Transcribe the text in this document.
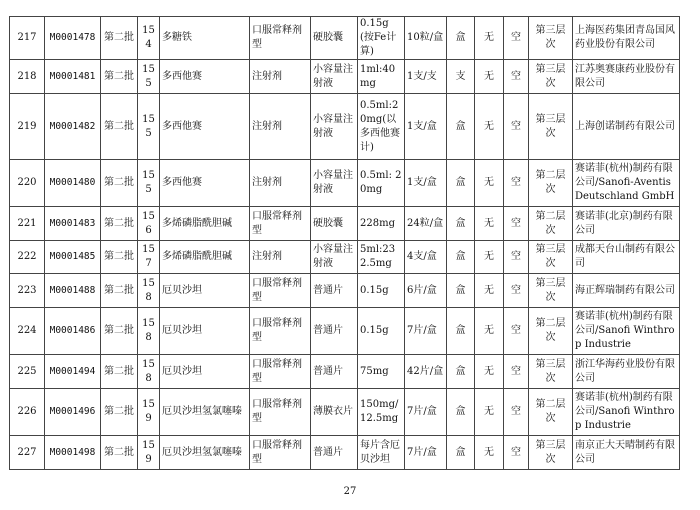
217	M0001478	第二批	154	多糖铁	口服常释剂型	硬胶囊	0.15g(按Fe计算)	10粒/盒	盒	无	空	第三层次	上海医药集团青岛国风药业股份有限公司
218	M0001481	第二批	155	多西他赛	注射剂	小容量注射液	1ml:40mg	1支/支	支	无	空	第三层次	江苏奥赛康药业股份有限公司
219	M0001482	第二批	155	多西他赛	注射剂	小容量注射液	0.5ml:20mg(以多西他赛计)	1支/盒	盒	无	空	第三层次	上海创诺制药有限公司
220	M0001480	第二批	155	多西他赛	注射剂	小容量注射液	0.5ml: 20mg	1支/盒	盒	无	空	第二层次	赛诺菲(杭州)制药有限公司/Sanofi-Aventis Deutschland GmbH
221	M0001483	第二批	156	多烯磷脂酰胆碱	口服常释剂型	硬胶囊	228mg	24粒/盒	盒	无	空	第二层次	赛诺菲(北京)制药有限公司
222	M0001485	第二批	157	多烯磷脂酰胆碱	注射剂	小容量注射液	5ml:232.5mg	4支/盒	盒	无	空	第三层次	成都天台山制药有限公司
223	M0001488	第二批	158	厄贝沙坦	口服常释剂型	普通片	0.15g	6片/盒	盒	无	空	第三层次	海正辉瑞制药有限公司
224	M0001486	第二批	158	厄贝沙坦	口服常释剂型	普通片	0.15g	7片/盒	盒	无	空	第二层次	赛诺菲(杭州)制药有限公司/Sanofi Winthrop Industrie
225	M0001494	第二批	158	厄贝沙坦	口服常释剂型	普通片	75mg	42片/盒	盒	无	空	第三层次	浙江华海药业股份有限公司
226	M0001496	第二批	159	厄贝沙坦氢氯噻嗪	口服常释剂型	薄膜衣片	150mg/12.5mg	7片/盒	盒	无	空	第二层次	赛诺菲(杭州)制药有限公司/Sanofi Winthrop Industrie
227	M0001498	第二批	159	厄贝沙坦氢氯噻嗪	口服常释剂型	普通片	每片含厄贝沙坦	7片/盒	盒	无	空	第三层次	南京正大天晴制药有限公司
27
